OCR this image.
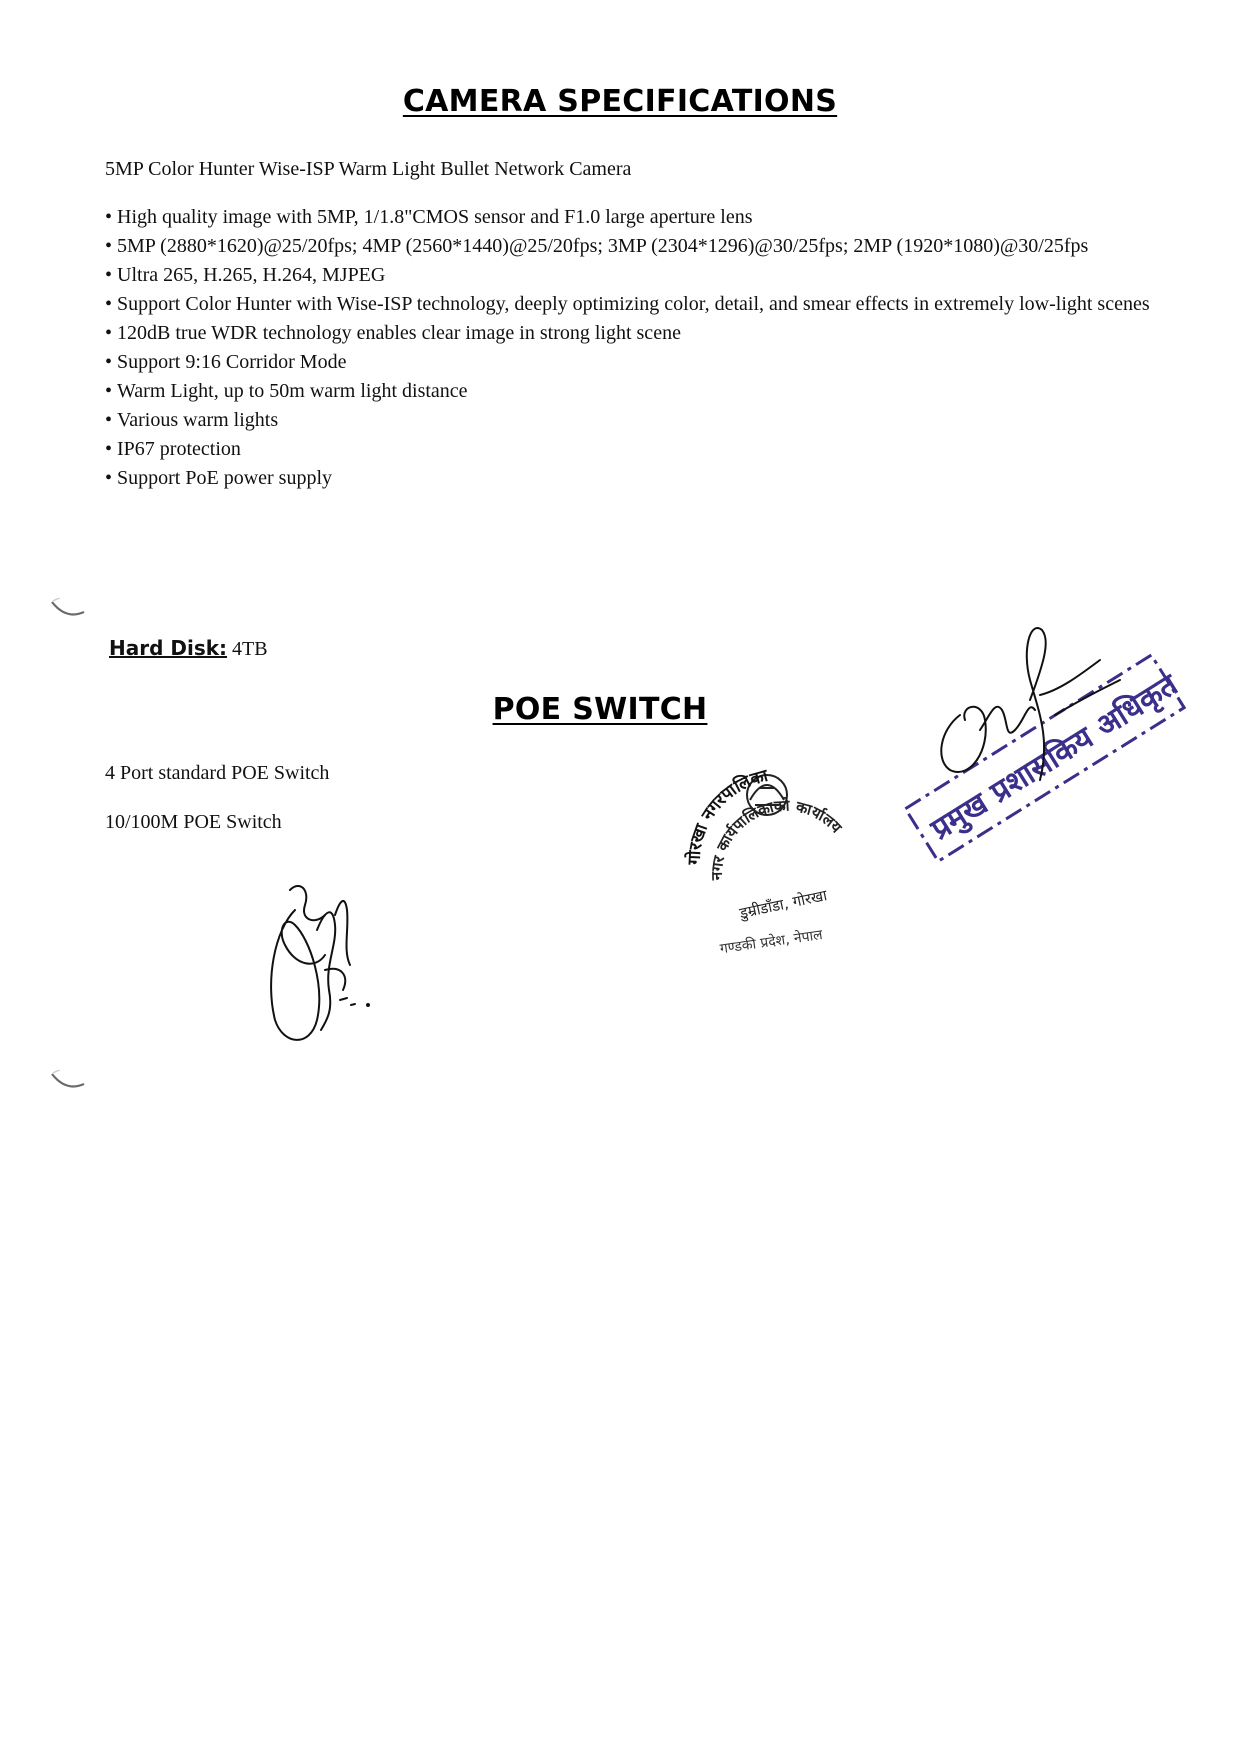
CAMERA SPECIFICATIONS
5MP Color Hunter Wise-ISP Warm Light Bullet Network Camera
• High quality image with 5MP, 1/1.8"CMOS sensor and F1.0 large aperture lens
• 5MP (2880*1620)@25/20fps; 4MP (2560*1440)@25/20fps; 3MP (2304*1296)@30/25fps; 2MP (1920*1080)@30/25fps
• Ultra 265, H.265, H.264, MJPEG
• Support Color Hunter with Wise-ISP technology, deeply optimizing color, detail, and smear effects in extremely low-light scenes
• 120dB true WDR technology enables clear image in strong light scene
• Support 9:16 Corridor Mode
• Warm Light, up to 50m warm light distance
• Various warm lights
• IP67 protection
• Support PoE power supply
Hard Disk: 4TB
POE SWITCH
4 Port standard POE Switch
10/100M POE Switch
गोरखा नगरपालिका
नगर कार्यपालिकाको कार्यालय
डुम्रीडाँडा, गोरखा
गण्डकी प्रदेश, नेपाल
प्रमुख प्रशासकिय अधिकृत
